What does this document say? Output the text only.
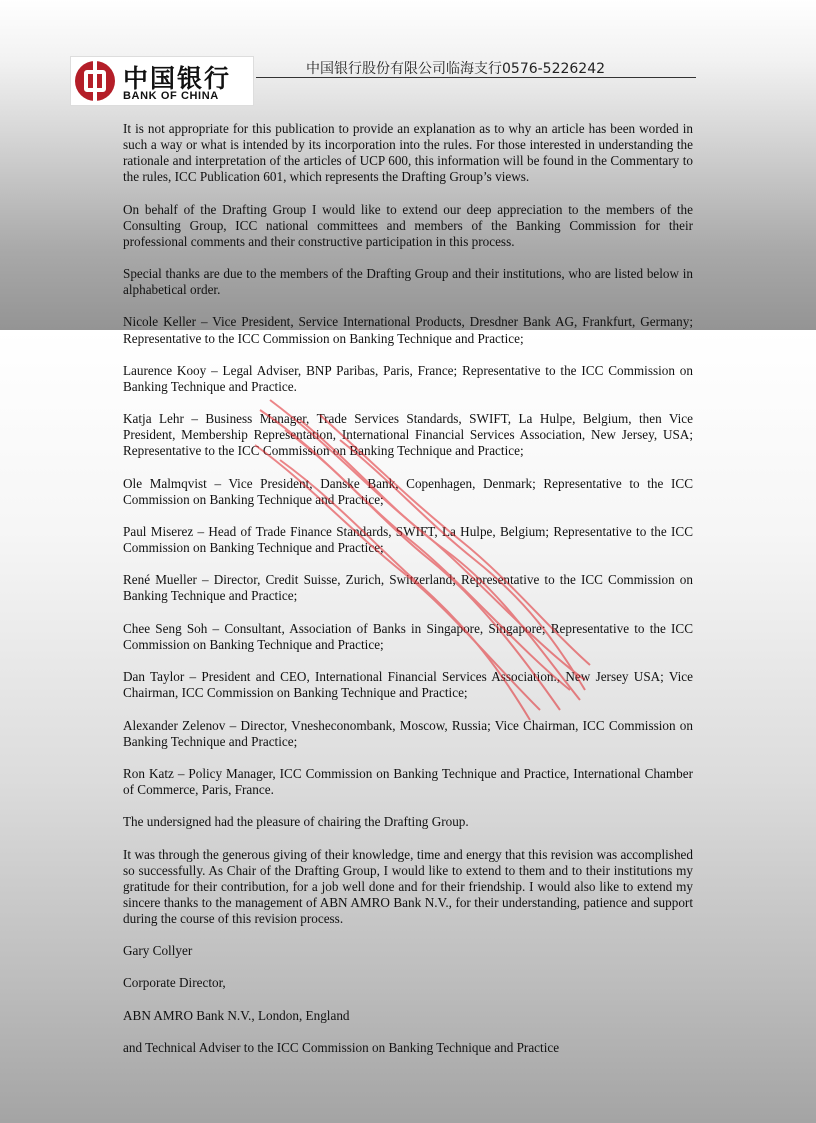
中国银行
BANK OF CHINA
中国银行股份有限公司临海支行0576-5226242

It is not appropriate for this publication to provide an explanation as to why an article has been worded in such a way or what is intended by its incorporation into the rules. For those interested in understanding the rationale and interpretation of the articles of UCP 600, this information will be found in the Commentary to the rules, ICC Publication 601, which represents the Drafting Group’s views.

On behalf of the Drafting Group I would like to extend our deep appreciation to the members of the Consulting Group, ICC national committees and members of the Banking Commission for their professional comments and their constructive participation in this process.

Special thanks are due to the members of the Drafting Group and their institutions, who are listed below in alphabetical order.

Nicole Keller – Vice President, Service International Products, Dresdner Bank AG, Frankfurt, Germany; Representative to the ICC Commission on Banking Technique and Practice;

Laurence Kooy – Legal Adviser, BNP Paribas, Paris, France; Representative to the ICC Commission on Banking Technique and Practice.

Katja Lehr – Business Manager, Trade Services Standards, SWIFT, La Hulpe, Belgium, then Vice President, Membership Representation, International Financial Services Association, New Jersey, USA; Representative to the ICC Commission on Banking Technique and Practice;

Ole Malmqvist – Vice President, Danske Bank, Copenhagen, Denmark; Representative to the ICC Commission on Banking Technique and Practice;

Paul Miserez – Head of Trade Finance Standards, SWIFT, La Hulpe, Belgium; Representative to the ICC Commission on Banking Technique and Practice;

René Mueller – Director, Credit Suisse, Zurich, Switzerland; Representative to the ICC Commission on Banking Technique and Practice;

Chee Seng Soh – Consultant, Association of Banks in Singapore, Singapore; Representative to the ICC Commission on Banking Technique and Practice;

Dan Taylor – President and CEO, International Financial Services Association., New Jersey USA; Vice Chairman, ICC Commission on Banking Technique and Practice;

Alexander Zelenov – Director, Vnesheconombank, Moscow, Russia; Vice Chairman, ICC Commission on Banking Technique and Practice;

Ron Katz – Policy Manager, ICC Commission on Banking Technique and Practice, International Chamber of Commerce, Paris, France.

The undersigned had the pleasure of chairing the Drafting Group.

It was through the generous giving of their knowledge, time and energy that this revision was accomplished so successfully. As Chair of the Drafting Group, I would like to extend to them and to their institutions my gratitude for their contribution, for a job well done and for their friendship. I would also like to extend my sincere thanks to the management of ABN AMRO Bank N.V., for their understanding, patience and support during the course of this revision process.

Gary Collyer

Corporate Director,

ABN AMRO Bank N.V., London, England

and Technical Adviser to the ICC Commission on Banking Technique and Practice
